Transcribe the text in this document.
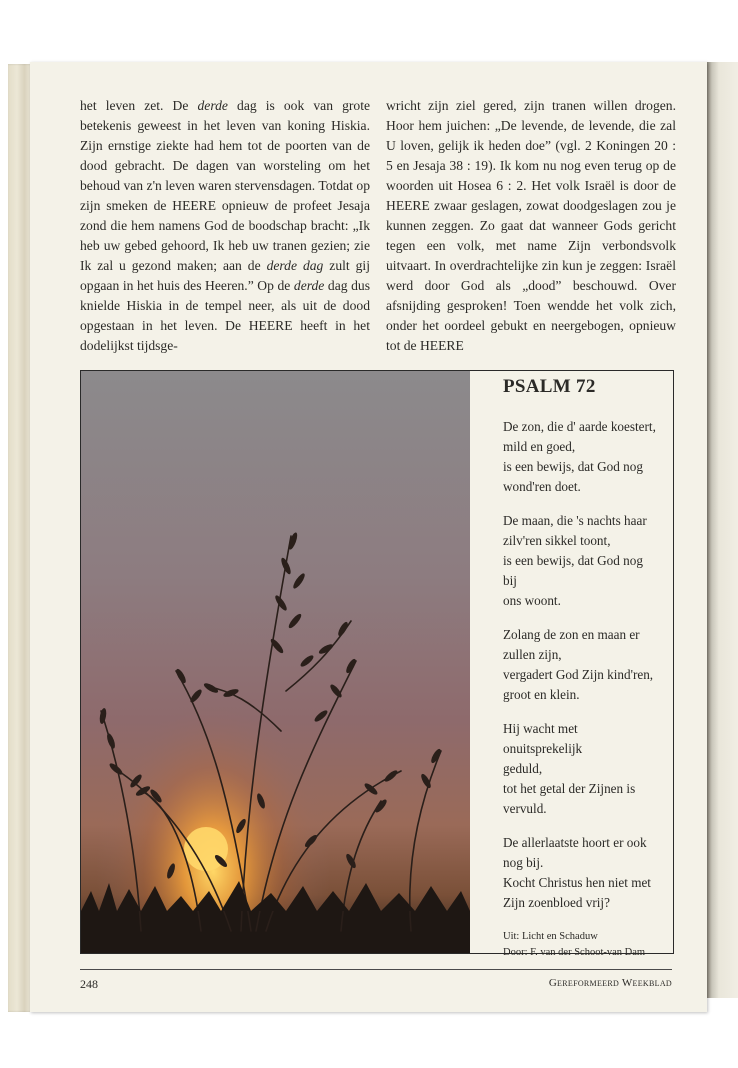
het leven zet. De derde dag is ook van grote betekenis geweest in het leven van koning Hiskia. Zijn ernstige ziekte had hem tot de poorten van de dood gebracht. De dagen van worsteling om het behoud van z'n leven waren stervensdagen. Totdat op zijn smeken de HEERE opnieuw de profeet Jesaja zond die hem namens God de boodschap bracht: „Ik heb uw gebed gehoord, Ik heb uw tranen gezien; zie Ik zal u gezond maken; aan de derde dag zult gij opgaan in het huis des Heeren.” Op de derde dag dus knielde Hiskia in de tempel neer, als uit de dood opgestaan in het leven. De HEERE heeft in het dodelijkst tijdsge-

wricht zijn ziel gered, zijn tranen willen drogen. Hoor hem juichen: „De levende, de levende, die zal U loven, gelijk ik heden doe” (vgl. 2 Koningen 20 : 5 en Jesaja 38 : 19). Ik kom nu nog even terug op de woorden uit Hosea 6 : 2. Het volk Israël is door de HEERE zwaar geslagen, zowat doodgeslagen zou je kunnen zeggen. Zo gaat dat wanneer Gods gericht tegen een volk, met name Zijn verbondsvolk uitvaart. In overdrachtelijke zin kun je zeggen: Israël werd door God als „dood” beschouwd. Over afsnijding gesproken! Toen wendde het volk zich, onder het oordeel gebukt en neergebogen, opnieuw tot de HEERE

PSALM 72
De zon, die d' aarde koestert,
mild en goed,
is een bewijs, dat God nog
wond'ren doet.
De maan, die 's nachts haar
zilv'ren sikkel toont,
is een bewijs, dat God nog bij
ons woont.
Zolang de zon en maan er
zullen zijn,
vergadert God Zijn kind'ren,
groot en klein.
Hij wacht met onuitsprekelijk
geduld,
tot het getal der Zijnen is
vervuld.
De allerlaatste hoort er ook
nog bij.
Kocht Christus hen niet met
Zijn zoenbloed vrij?
Uit: Licht en Schaduw
Door: F. van der Schoot-van Dam
248	Gereformeerd Weekblad
